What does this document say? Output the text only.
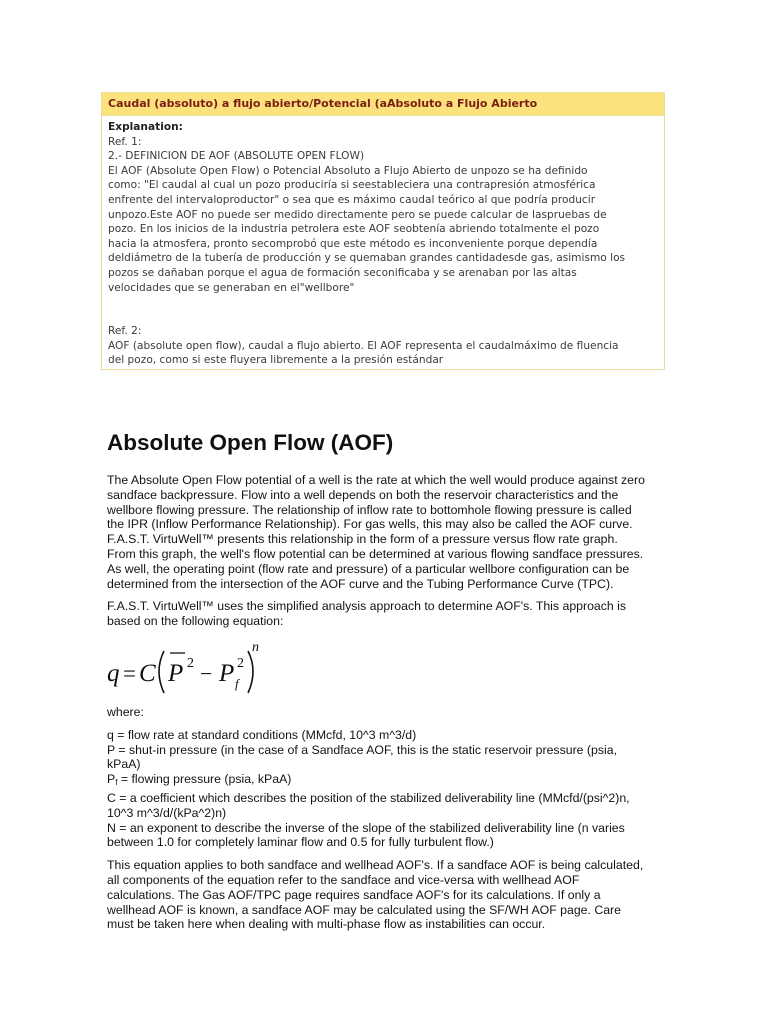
Caudal (absoluto) a flujo abierto/Potencial (aAbsoluto a Flujo Abierto
Explanation:
Ref. 1:
2.- DEFINICION DE AOF (ABSOLUTE OPEN FLOW)
El AOF (Absolute Open Flow) o Potencial Absoluto a Flujo Abierto de unpozo se ha definido
como: "El caudal al cual un pozo produciría si seestableciera una contrapresión atmosférica
enfrente del intervaloproductor" o sea que es máximo caudal teórico al que podría producir
unpozo.Este AOF no puede ser medido directamente pero se puede calcular de laspruebas de
pozo. En los inicios de la industria petrolera este AOF seobtenía abriendo totalmente el pozo
hacia la atmosfera, pronto secomprobó que este método es inconveniente porque dependía
deldiámetro de la tubería de producción y se quemaban grandes cantidadesde gas, asimismo los
pozos se dañaban porque el agua de formación seconificaba y se arenaban por las altas
velocidades que se generaban en el"wellbore"
Ref. 2:
AOF (absolute open flow), caudal a flujo abierto. El AOF representa el caudalmáximo de fluencia
del pozo, como si este fluyera libremente a la presión estándar
Absolute Open Flow (AOF)
The Absolute Open Flow potential of a well is the rate at which the well would produce against zero
sandface backpressure. Flow into a well depends on both the reservoir characteristics and the
wellbore flowing pressure. The relationship of inflow rate to bottomhole flowing pressure is called
the IPR (Inflow Performance Relationship). For gas wells, this may also be called the AOF curve.
F.A.S.T. VirtuWell™ presents this relationship in the form of a pressure versus flow rate graph.
From this graph, the well's flow potential can be determined at various flowing sandface pressures.
As well, the operating point (flow rate and pressure) of a particular wellbore configuration can be
determined from the intersection of the AOF curve and the Tubing Performance Curve (TPC).
F.A.S.T. VirtuWell™ uses the simplified analysis approach to determine AOF's. This approach is
based on the following equation:
q = C P 2 − P 2
f
n
where:
q = flow rate at standard conditions (MMcfd, 10^3 m^3/d)
P = shut-in pressure (in the case of a Sandface AOF, this is the static reservoir pressure (psia,
kPaA)
$P_f$ = flowing pressure (psia, kPaA)
C = a coefficient which describes the position of the stabilized deliverability line (MMcfd/(psi^2)n,
10^3 m^3/d/(kPa^2)n)
N = an exponent to describe the inverse of the slope of the stabilized deliverability line (n varies
between 1.0 for completely laminar flow and 0.5 for fully turbulent flow.)
This equation applies to both sandface and wellhead AOF's. If a sandface AOF is being calculated,
all components of the equation refer to the sandface and vice-versa with wellhead AOF
calculations. The Gas AOF/TPC page requires sandface AOF's for its calculations. If only a
wellhead AOF is known, a sandface AOF may be calculated using the SF/WH AOF page. Care
must be taken here when dealing with multi-phase flow as instabilities can occur.
